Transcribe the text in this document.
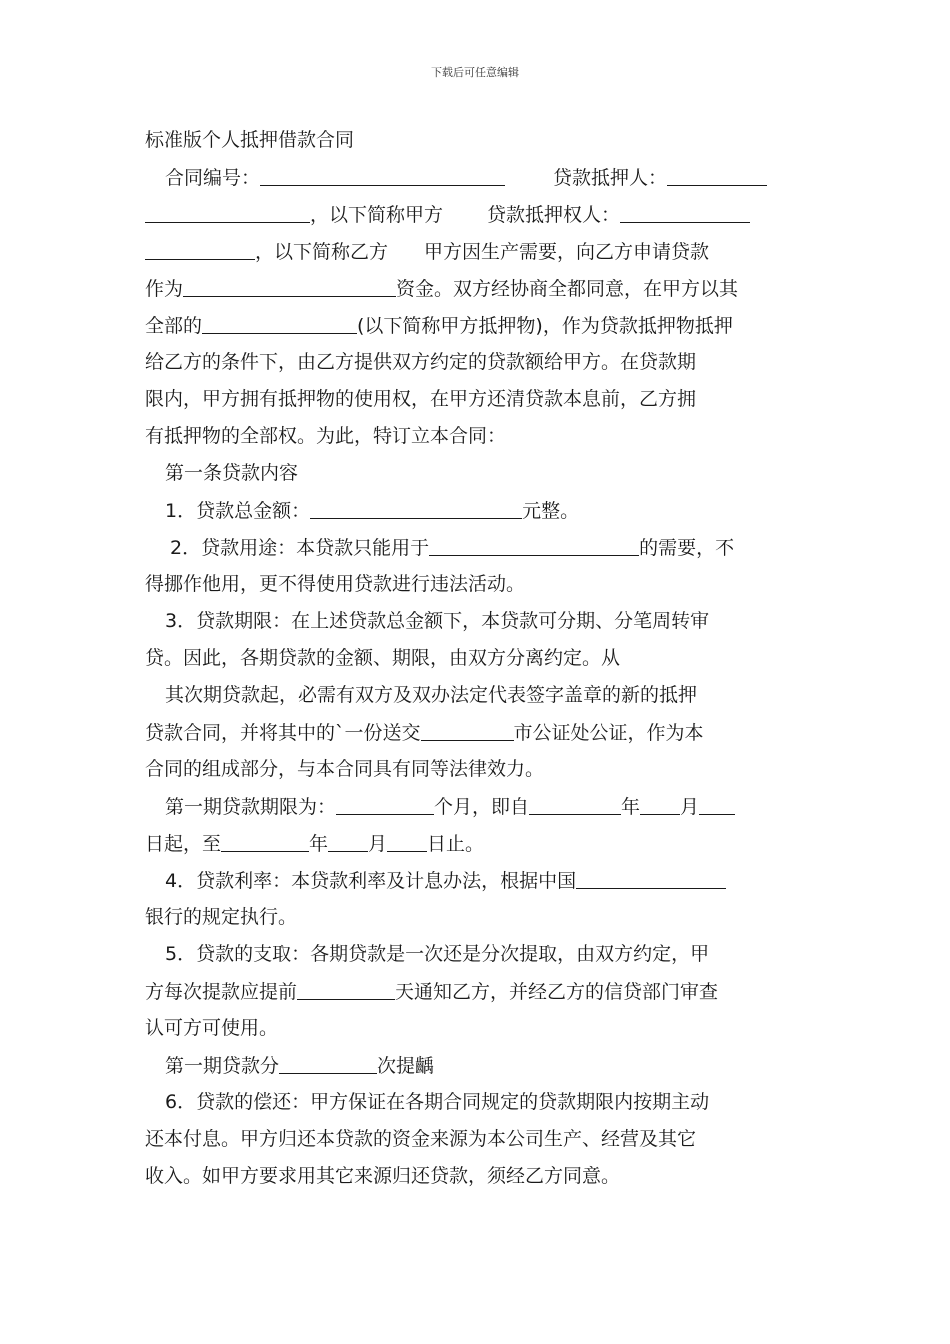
下载后可任意编辑
标准版个人抵押借款合同
合同编号：	贷款抵押人：
，以下简称甲方 贷款抵押权人：
，以下简称乙方 甲方因生产需要，向乙方申请贷款
作为	资金。双方经协商全都同意，在甲方以其
全部的	(以下简称甲方抵押物)，作为贷款抵押物抵押
给乙方的条件下，由乙方提供双方约定的贷款额给甲方。在贷款期
限内，甲方拥有抵押物的使用权，在甲方还清贷款本息前，乙方拥
有抵押物的全部权。为此，特订立本合同：
第一条贷款内容
1．贷款总金额：	元整。
2．贷款用途：本贷款只能用于	的需要，不
得挪作他用，更不得使用贷款进行违法活动。
3．贷款期限：在上述贷款总金额下，本贷款可分期、分笔周转审
贷。因此，各期贷款的金额、期限，由双方分离约定。从
其次期贷款起，必需有双方及双办法定代表签字盖章的新的抵押
贷款合同，并将其中的`一份送交	市公证处公证，作为本
合同的组成部分，与本合同具有同等法律效力。
第一期贷款期限为：	个月，即自	年 月
日起，至	年 月 日止。
4．贷款利率：本贷款利率及计息办法，根据中国
银行的规定执行。
5．贷款的支取：各期贷款是一次还是分次提取，由双方约定，甲
方每次提款应提前	天通知乙方，并经乙方的信贷部门审查
认可方可使用。
第一期贷款分	次提齲
6．贷款的偿还：甲方保证在各期合同规定的贷款期限内按期主动
还本付息。甲方归还本贷款的资金来源为本公司生产、经营及其它
收入。如甲方要求用其它来源归还贷款，须经乙方同意。
